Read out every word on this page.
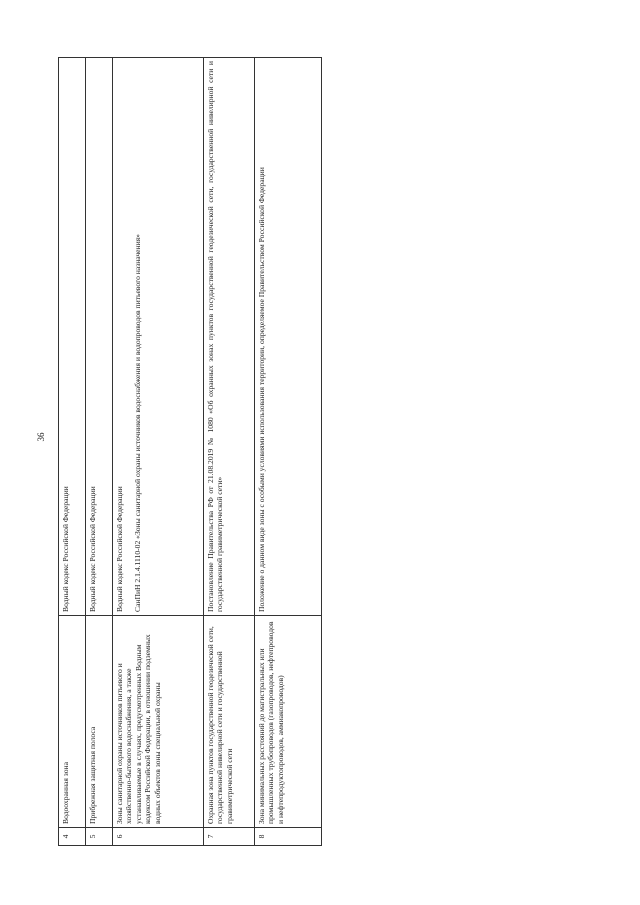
36
4	Водоохранная зона	Водный кодекс Российской Федерации

5	Прибрежная защитная полоса	Водный кодекс Российской Федерации

6	Зоны санитарной охраны источников питьевого и хозяйственно-бытового водоснабжения, а также устанавливаемые в случаях, предусмотренных Водным кодексом Российской Федерации, в отношении подземных водных объектов зоны специальной охраны	Водный кодекс Российской Федерации СанПиН 2.1.4.1110-02 «Зоны санитарной охраны источников водоснабжения и водопроводов питьевого назначения»

7	Охранная зона пунктов государственной геодезической сети, государственной нивелирной сети и государственной гравиметрической сети	Постановление Правительства РФ от 21.08.2019 № 1080 «Об охранных зонах пунктов государственной геодезической сети, государственной нивелирной сети и государственной гравиметрической сети»

8	Зона минимальных расстояний до магистральных или промышленных трубопроводов (газопроводов, нефтепроводов и нефтепродуктопроводов, аммиакопроводов)	Положение о данном виде зоны с особыми условиями использования территории, определяемое Правительством Российской Федерации
